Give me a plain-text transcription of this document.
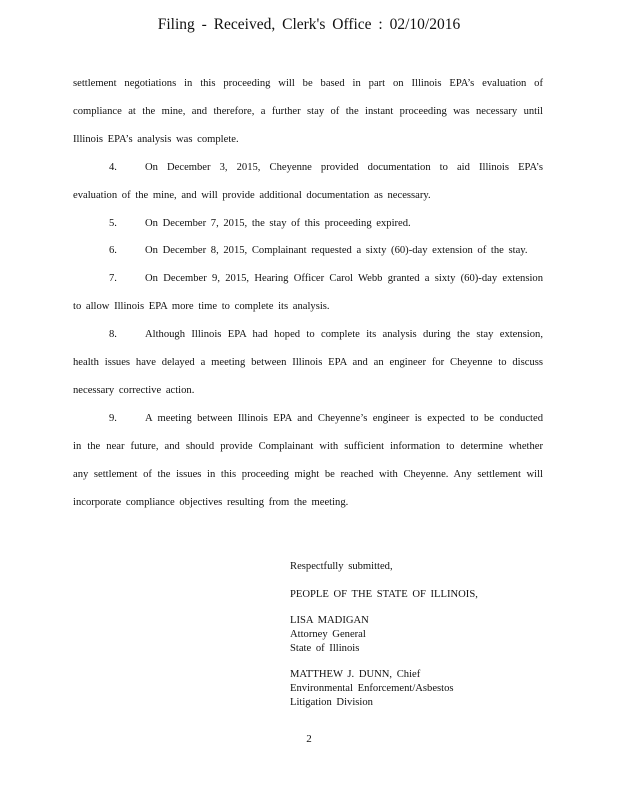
Filing - Received, Clerk's Office : 02/10/2016

settlement negotiations in this proceeding will be based in part on Illinois EPA’s evaluation of compliance at the mine, and therefore, a further stay of the instant proceeding was necessary until Illinois EPA’s analysis was complete.

4.	On December 3, 2015, Cheyenne provided documentation to aid Illinois EPA’s evaluation of the mine, and will provide additional documentation as necessary.

5.	On December 7, 2015, the stay of this proceeding expired.

6.	On December 8, 2015, Complainant requested a sixty (60)-day extension of the stay.

7.	On December 9, 2015, Hearing Officer Carol Webb granted a sixty (60)-day extension to allow Illinois EPA more time to complete its analysis.

8.	Although Illinois EPA had hoped to complete its analysis during the stay extension, health issues have delayed a meeting between Illinois EPA and an engineer for Cheyenne to discuss necessary corrective action.

9.	A meeting between Illinois EPA and Cheyenne’s engineer is expected to be conducted in the near future, and should provide Complainant with sufficient information to determine whether any settlement of the issues in this proceeding might be reached with Cheyenne. Any settlement will incorporate compliance objectives resulting from the meeting.

Respectfully submitted,
PEOPLE OF THE STATE OF ILLINOIS,
LISA MADIGAN
Attorney General
State of Illinois
MATTHEW J. DUNN, Chief
Environmental Enforcement/Asbestos
Litigation Division
2
